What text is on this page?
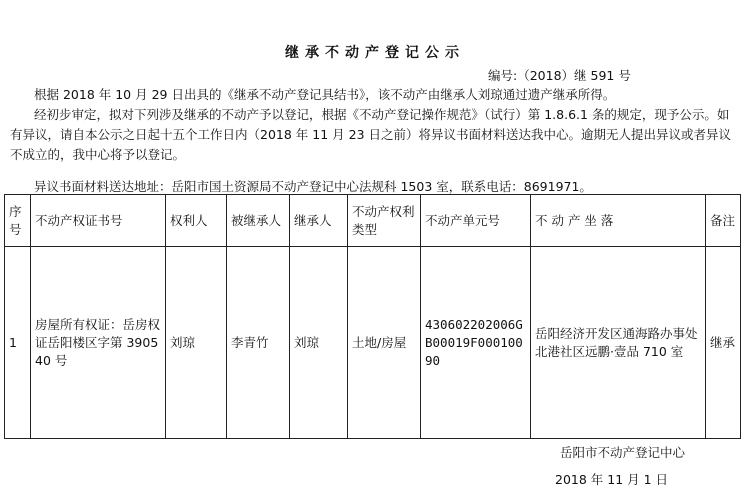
继承不动产登记公示
编号:（2018）继 591 号
根据 2018 年 10 月 29 日出具的《继承不动产登记具结书》，该不动产由继承人刘琼通过遗产继承所得。
经初步审定，拟对下列涉及继承的不动产予以登记，根据《不动产登记操作规范》（试行）第 1.8.6.1 条的规定，现予公示。如有异议，请自本公示之日起十五个工作日内（2018 年 11 月 23 日之前）将异议书面材料送达我中心。逾期无人提出异议或者异议不成立的，我中心将予以登记。
异议书面材料送达地址：岳阳市国土资源局不动产登记中心法规科 1503 室，联系电话：8691971。
序号	不动产权证书号	权利人	被继承人	继承人	不动产权利类型	不动产单元号	不 动 产 坐 落	备注
1	房屋所有权证：岳房权证岳阳楼区字第 390540 号	刘琼	李青竹	刘琼	土地/房屋	430602202006GB00019F00010090	岳阳经济开发区通海路办事处北港社区远鹏·壹品 710 室	继承
岳阳市不动产登记中心
2018 年 11 月 1 日
